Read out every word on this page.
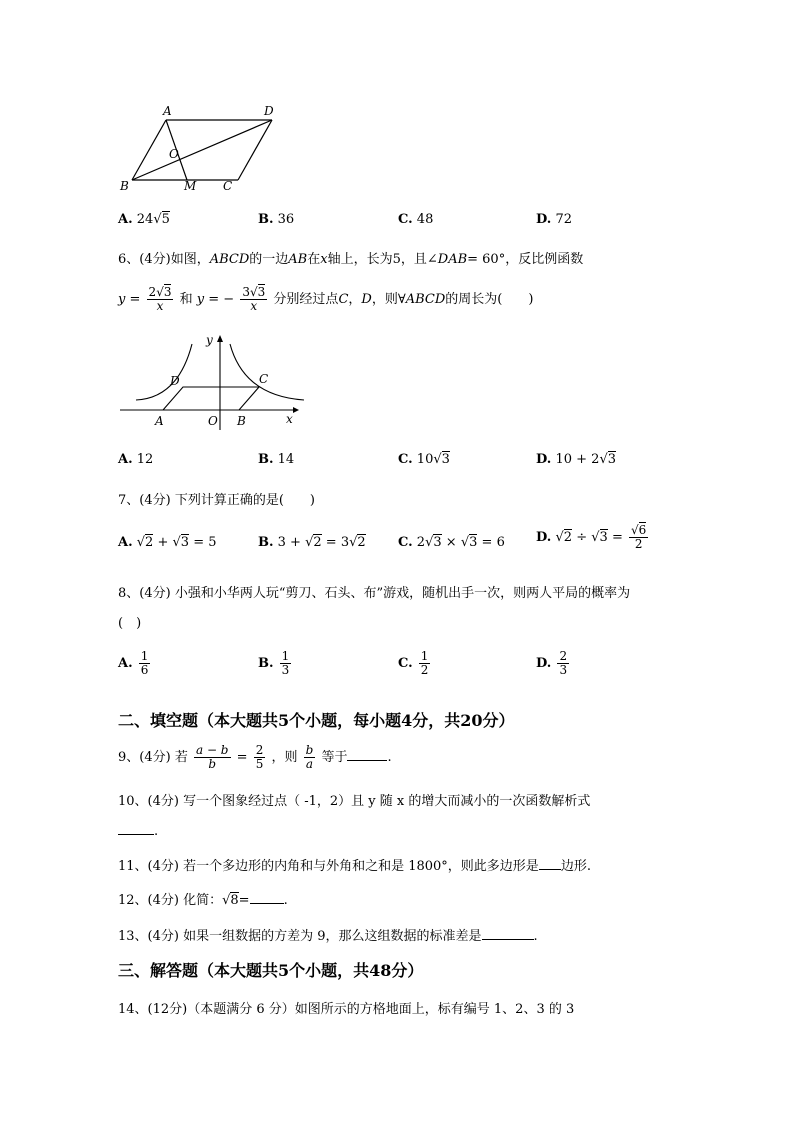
A	D
O
B	M C
A. 24√5	B. 36	C. 48	D. 72
6、(4分)如图，ABCD的一边AB在x轴上，长为5，且∠DAB= 60°，反比例函数
$y = \frac{2√3}{x}$ 和 y = − $\frac{3√3}{x}$ 分别经过点C，D，则∀ABCD的周长为(　　)
y
D	C
A	O B	x
A. 12	B. 14	C. 10√3	D. 10 + 2√3
7、(4分) 下列计算正确的是(　　)
A. √2 + √3 = 5	B. 3 + √2 = 3√2 C. 2√3 × √3 = 6 D. $√2 \div √3 = \frac{√6}{2}$
8、(4分) 小强和小华两人玩“剪刀、石头、布”游戏，随机出手一次，则两人平局的概率为
(　)
A. $\frac{1}{6}$	B. $\frac{1}{3}$	C. $\frac{1}{2}$	D. $\frac{2}{3}$
二、填空题（本大题共5个小题，每小题4分，共20分）
9、(4分) 若 $\frac{a - b}{b} = \frac{2}{5}$ ，则 $\frac{b}{a}$ 等于	.
10、(4分) 写一个图象经过点（ -1，2）且 y 随 x 的增大而减小的一次函数解析式
.
11、(4分) 若一个多边形的内角和与外角和之和是 1800°，则此多边形是 边形.
12、(4分) 化简：√8=	.
13、(4分) 如果一组数据的方差为 9，那么这组数据的标准差是	.
三、解答题（本大题共5个小题，共48分）
14、(12分)（本题满分 6 分）如图所示的方格地面上，标有编号 1、2、3 的 3
